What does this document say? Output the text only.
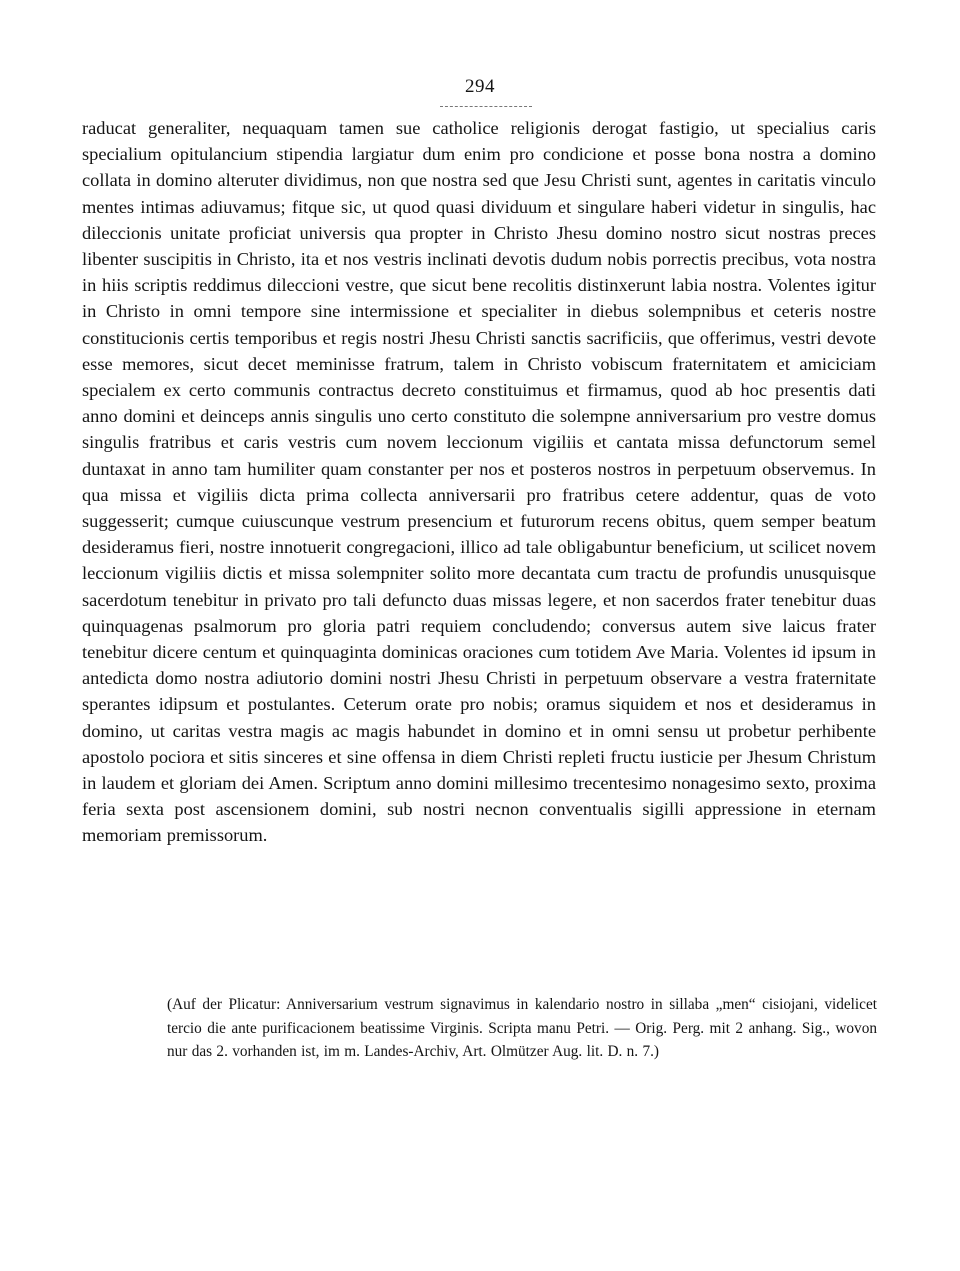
294

raducat generaliter, nequaquam tamen sue catholice religionis derogat fastigio, ut specialius caris specialium opitulancium stipendia largiatur dum enim pro condicione et posse bona nostra a domino collata in domino alteruter dividimus, non que nostra sed que Jesu Christi sunt, agentes in caritatis vinculo mentes intimas adiuvamus; fitque sic, ut quod quasi dividuum et singulare haberi videtur in singulis, hac dileccionis unitate proficiat universis qua propter in Christo Jhesu domino nostro sicut nostras preces libenter suscipitis in Christo, ita et nos vestris inclinati devotis dudum nobis porrectis precibus, vota nostra in hiis scriptis reddimus dileccioni vestre, que sicut bene recolitis distinxerunt labia nostra. Volentes igitur in Christo in omni tempore sine intermissione et specialiter in diebus solempnibus et ceteris nostre constitucionis certis temporibus et regis nostri Jhesu Christi sanctis sacrificiis, que offerimus, vestri devote esse memores, sicut decet meminisse fratrum, talem in Christo vobiscum fraternitatem et amiciciam specialem ex certo communis contractus decreto constituimus et firmamus, quod ab hoc presentis dati anno domini et deinceps annis singulis uno certo constituto die solempne anniversarium pro vestre domus singulis fratribus et caris vestris cum novem leccionum vigiliis et cantata missa defunctorum semel duntaxat in anno tam humiliter quam constanter per nos et posteros nostros in perpetuum observemus. In qua missa et vigiliis dicta prima collecta anniversarii pro fratribus cetere addentur, quas de voto suggesserit; cumque cuiuscunque vestrum presencium et futurorum recens obitus, quem semper beatum desideramus fieri, nostre innotuerit congregacioni, illico ad tale obligabuntur beneficium, ut scilicet novem leccionum vigiliis dictis et missa solempniter solito more decantata cum tractu de profundis unusquisque sacerdotum tenebitur in privato pro tali defuncto duas missas legere, et non sacerdos frater tenebitur duas quinquagenas psalmorum pro gloria patri requiem concludendo; conversus autem sive laicus frater tenebitur dicere centum et quinquaginta dominicas oraciones cum totidem Ave Maria. Volentes id ipsum in antedicta domo nostra adiutorio domini nostri Jhesu Christi in perpetuum observare a vestra fraternitate sperantes idipsum et postulantes. Ceterum orate pro nobis; oramus siquidem et nos et desideramus in domino, ut caritas vestra magis ac magis habundet in domino et in omni sensu ut probetur perhibente apostolo pociora et sitis sinceres et sine offensa in diem Christi repleti fructu iusticie per Jhesum Christum in laudem et gloriam dei Amen. Scriptum anno domini millesimo trecentesimo nonagesimo sexto, proxima feria sexta post ascensionem domini, sub nostri necnon conventualis sigilli appressione in eternam memoriam premissorum.

(Auf der Plicatur: Anniversarium vestrum signavimus in kalendario nostro in sillaba „men“ cisiojani, videlicet tercio die ante purificacionem beatissime Virginis. Scripta manu Petri. — Orig. Perg. mit 2 anhang. Sig., wovon nur das 2. vorhanden ist, im m. Landes-Archiv, Art. Olmützer Aug. lit. D. n. 7.)
